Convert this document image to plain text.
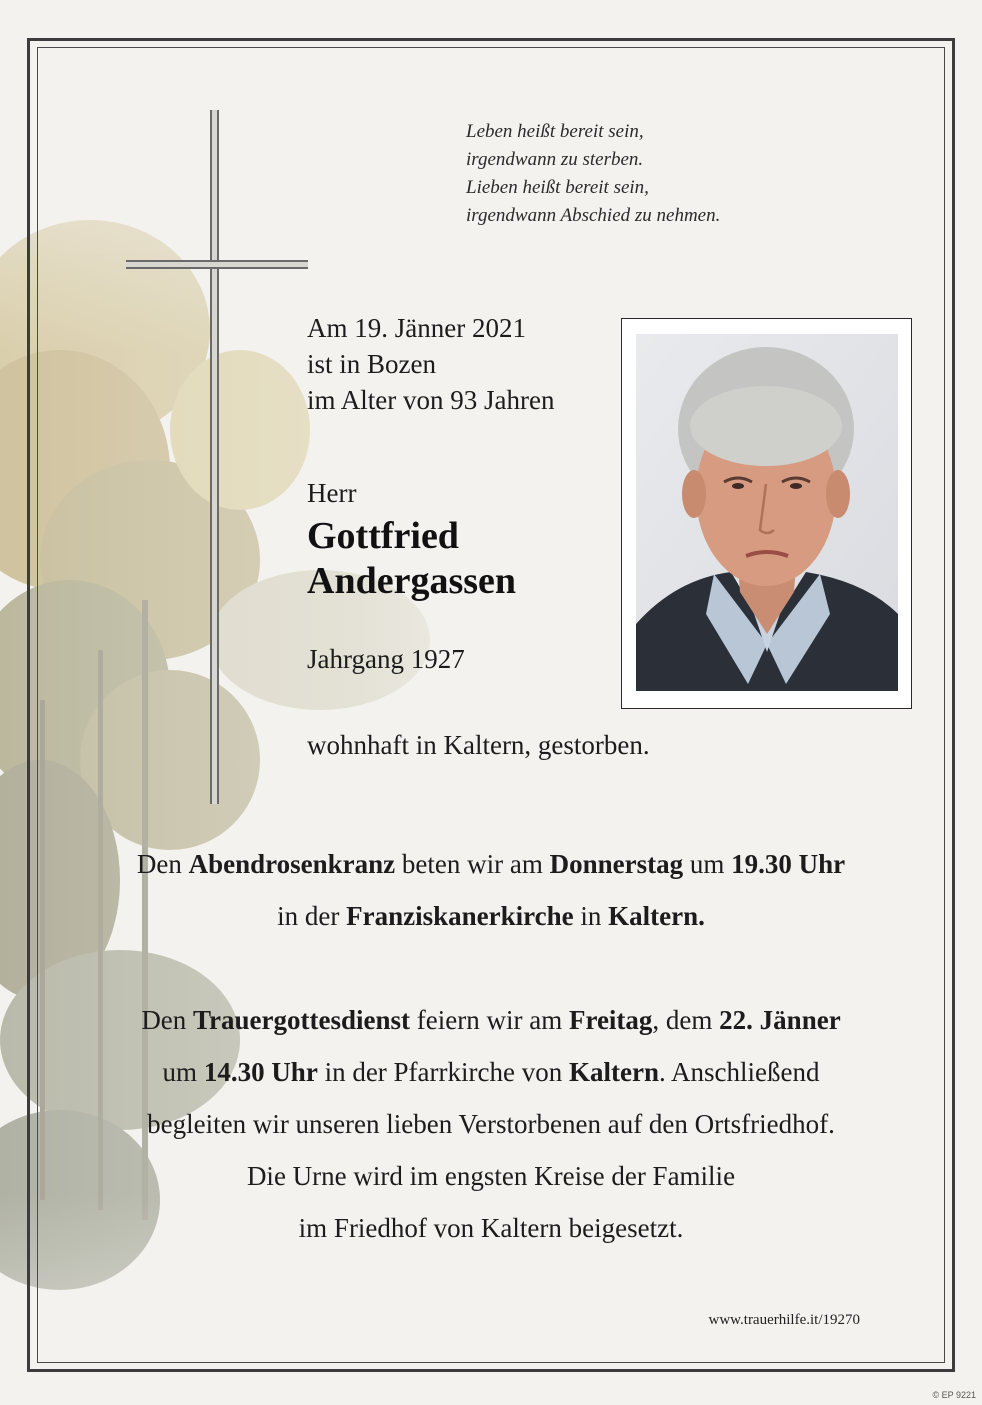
Leben heißt bereit sein,
irgendwann zu sterben.
Lieben heißt bereit sein,
irgendwann Abschied zu nehmen.
Am 19. Jänner 2021
ist in Bozen
im Alter von 93 Jahren
Herr
Gottfried
Andergassen
Jahrgang 1927
wohnhaft in Kaltern, gestorben.
Den Abendrosenkranz beten wir am Donnerstag um 19.30 Uhr
in der Franziskanerkirche in Kaltern.
Den Trauergottesdienst feiern wir am Freitag, dem 22. Jänner
um 14.30 Uhr in der Pfarrkirche von Kaltern. Anschließend
begleiten wir unseren lieben Verstorbenen auf den Ortsfriedhof.
Die Urne wird im engsten Kreise der Familie
im Friedhof von Kaltern beigesetzt.
www.trauerhilfe.it/19270
© EP 9221
